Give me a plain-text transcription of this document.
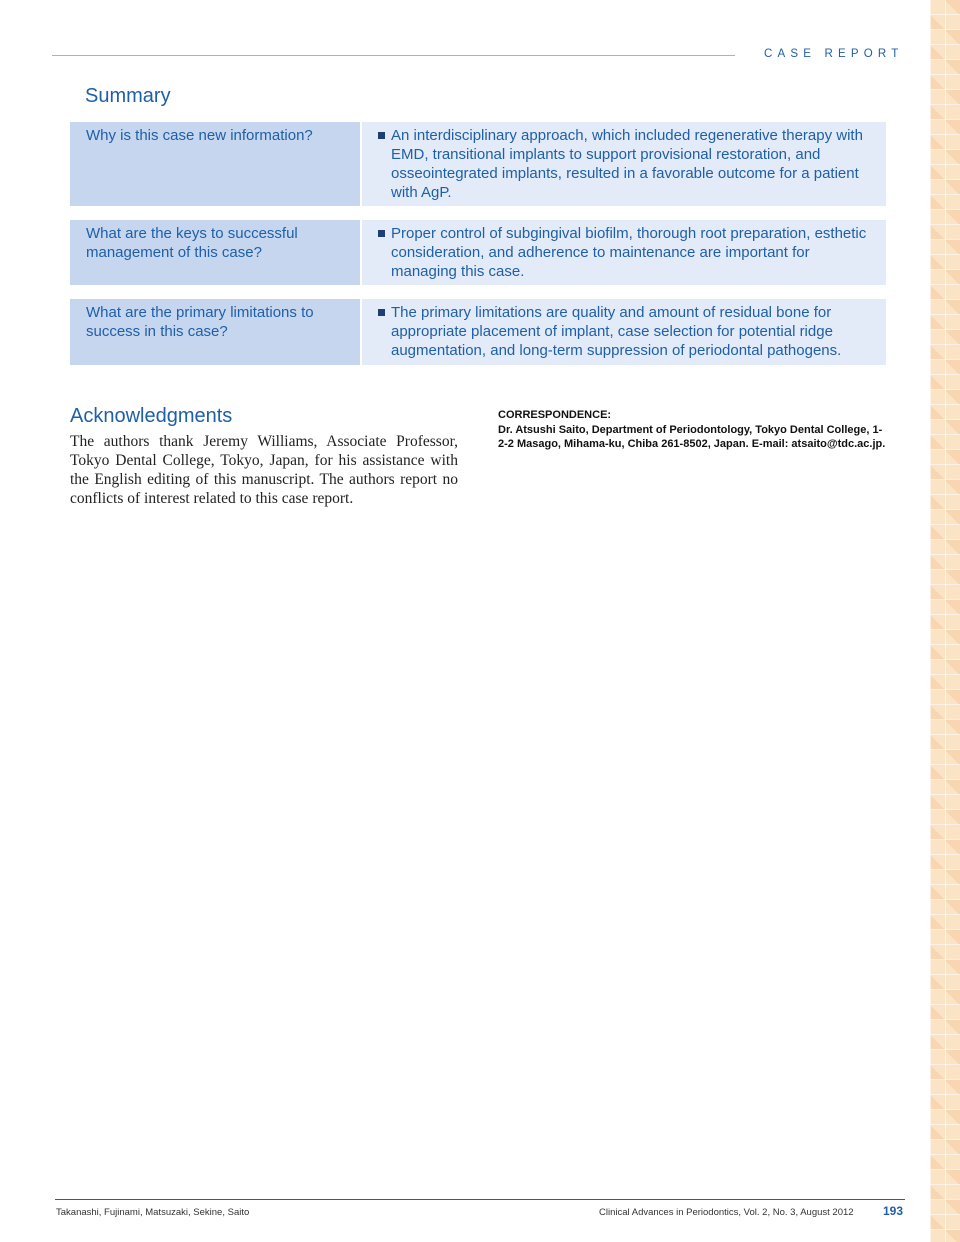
CASE REPORT
Summary
Why is this case new information?	An interdisciplinary approach, which included regenerative therapy with EMD, transitional implants to support provisional restoration, and osseointegrated implants, resulted in a favorable outcome for a patient with AgP.
What are the keys to successful management of this case?
Proper control of subgingival biofilm, thorough root preparation, esthetic consideration, and adherence to maintenance are important for managing this case.
What are the primary limitations to success in this case?
The primary limitations are quality and amount of residual bone for appropriate placement of implant, case selection for potential ridge augmentation, and long-term suppression of periodontal pathogens.
Acknowledgments

The authors thank Jeremy Williams, Associate Professor, Tokyo Dental College, Tokyo, Japan, for his assistance with the English editing of this manuscript. The authors report no conflicts of interest related to this case report.

CORRESPONDENCE:
Dr. Atsushi Saito, Department of Periodontology, Tokyo Dental College, 1-2-2 Masago, Mihama-ku, Chiba 261-8502, Japan. E-mail: atsaito@tdc.ac.jp.
Takanashi, Fujinami, Matsuzaki, Sekine, Saito	Clinical Advances in Periodontics, Vol. 2, No. 3, August 2012 193
